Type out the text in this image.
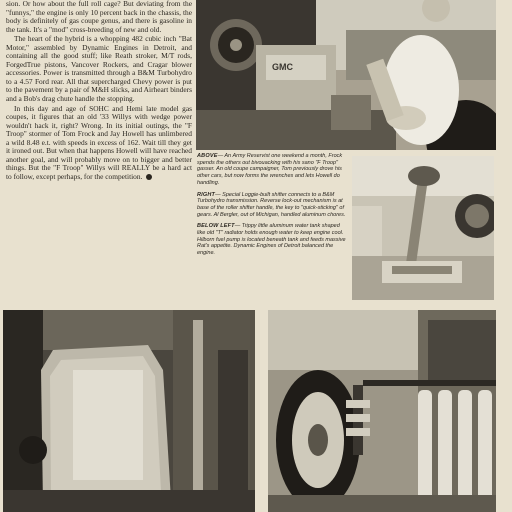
sion. Or how about the full roll cage? But deviating from the "funnys," the engine is only 10 percent back in the chassis, the body is definitely of gas coupe genus, and there is gasoline in the tank. It's a "mod" cross-breeding of new and old.

The heart of the hybrid is a whopping 482 cubic inch "Bat Motor," assembled by Dynamic Engines in Detroit, and containing all the good stuff; like Reath stroker, M/T rods, ForgedTrue pistons, Vancover Rockers, and Cragar blower accessories. Power is transmitted through a B&M Turbohydro to a 4.57 Ford rear. All that supercharged Chevy power is put to the pavement by a pair of M&H slicks, and Airheart binders and a Bob's drag chute handle the stopping.

In this day and age of SOHC and Hemi late model gas coupes, it figures that an old '33 Willys with wedge power wouldn't hack it, right? Wrong. In its initial outings, the "F Troop" stormer of Tom Frock and Jay Howell has unlimbered a wild 8.48 e.t. with speeds in excess of 162. Wait till they get it ironed out. But when that happens Howell will have reached another goal, and will probably move on to bigger and better things. But the "F Troop" Willys will REALLY be a hard act to follow, except perhaps, for the competition.

GMC

ABOVE— An Army Reservist one weekend a month, Frock spends the others out bivouacking with his sano "F Troop" gasser. An old coupe campaigner, Tom previously drove his other cars, but now forms the wrenches and lets Howell do handling.

RIGHT— Special Loggie-built shifter connects to a B&M Turbohydro transmission. Reverse lock-out mechanism is at base of the roller shifter handle, the key to "quick-sticking" of gears. Al Bergler, out of Michigan, handled aluminum chores.

BELOW LEFT— Trippy little aluminum water tank shaped like old "T" radiator holds enough water to keep engine cool. Hilborn fuel pump is located beneath tank and feeds massive Rat's appetite. Dynamic Engines of Detroit balanced the engine.
